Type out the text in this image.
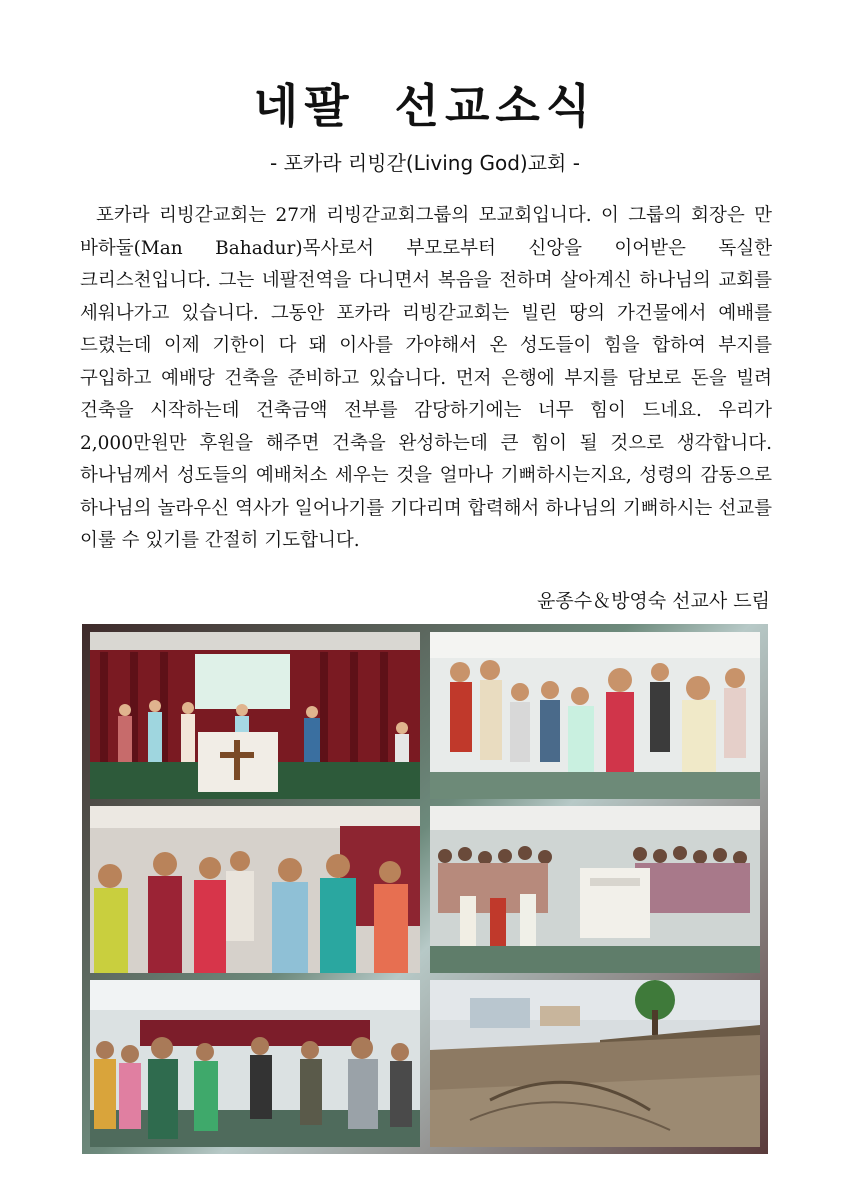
네팔 선교소식
- 포카라 리빙갇(Living God)교회 -

포카라 리빙갇교회는 27개 리빙갇교회그룹의 모교회입니다. 이 그룹의 회장은 만 바하둘(Man Bahadur)목사로서 부모로부터 신앙을 이어받은 독실한 크리스천입니다. 그는 네팔전역을 다니면서 복음을 전하며 살아계신 하나님의 교회를 세워나가고 있습니다. 그동안 포카라 리빙갇교회는 빌린 땅의 가건물에서 예배를 드렸는데 이제 기한이 다 돼 이사를 가야해서 온 성도들이 힘을 합하여 부지를 구입하고 예배당 건축을 준비하고 있습니다. 먼저 은행에 부지를 담보로 돈을 빌려 건축을 시작하는데 건축금액 전부를 감당하기에는 너무 힘이 드네요. 우리가 2,000만원만 후원을 해주면 건축을 완성하는데 큰 힘이 될 것으로 생각합니다. 하나님께서 성도들의 예배처소 세우는 것을 얼마나 기뻐하시는지요, 성령의 감동으로 하나님의 놀라우신 역사가 일어나기를 기다리며 합력해서 하나님의 기뻐하시는 선교를 이룰 수 있기를 간절히 기도합니다.

윤종수＆방영숙 선교사 드림
